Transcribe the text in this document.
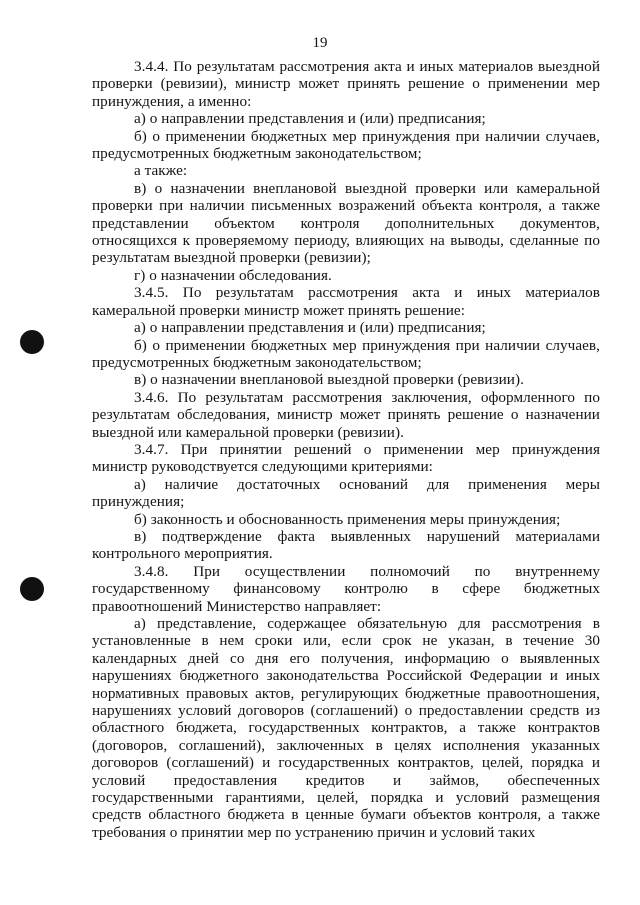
19

3.4.4. По результатам рассмотрения акта и иных материалов выездной проверки (ревизии), министр может принять решение о применении мер принуждения, а именно:

а) о направлении представления и (или) предписания;

б) о применении бюджетных мер принуждения при наличии случаев, предусмотренных бюджетным законодательством;

а также:

в) о назначении внеплановой выездной проверки или камеральной проверки при наличии письменных возражений объекта контроля, а также представлении объектом контроля дополнительных документов, относящихся к проверяемому периоду, влияющих на выводы, сделанные по результатам выездной проверки (ревизии);

г) о назначении обследования.

3.4.5. По результатам рассмотрения акта и иных материалов камеральной проверки министр может принять решение:

а) о направлении представления и (или) предписания;

б) о применении бюджетных мер принуждения при наличии случаев, предусмотренных бюджетным законодательством;

в) о назначении внеплановой выездной проверки (ревизии).

3.4.6. По результатам рассмотрения заключения, оформленного по результатам обследования, министр может принять решение о назначении выездной или камеральной проверки (ревизии).

3.4.7. При принятии решений о применении мер принуждения министр руководствуется следующими критериями:

а) наличие достаточных оснований для применения меры принуждения;

б) законность и обоснованность применения меры принуждения;

в) подтверждение факта выявленных нарушений материалами контрольного мероприятия.

3.4.8. При осуществлении полномочий по внутреннему государственному финансовому контролю в сфере бюджетных правоотношений Министерство направляет:

а) представление, содержащее обязательную для рассмотрения в установленные в нем сроки или, если срок не указан, в течение 30 календарных дней со дня его получения, информацию о выявленных нарушениях бюджетного законодательства Российской Федерации и иных нормативных правовых актов, регулирующих бюджетные правоотношения, нарушениях условий договоров (соглашений) о предоставлении средств из областного бюджета, государственных контрактов, а также контрактов (договоров, соглашений), заключенных в целях исполнения указанных договоров (соглашений) и государственных контрактов, целей, порядка и условий предоставления кредитов и займов, обеспеченных государственными гарантиями, целей, порядка и условий размещения средств областного бюджета в ценные бумаги объектов контроля, а также требования о принятии мер по устранению причин и условий таких
